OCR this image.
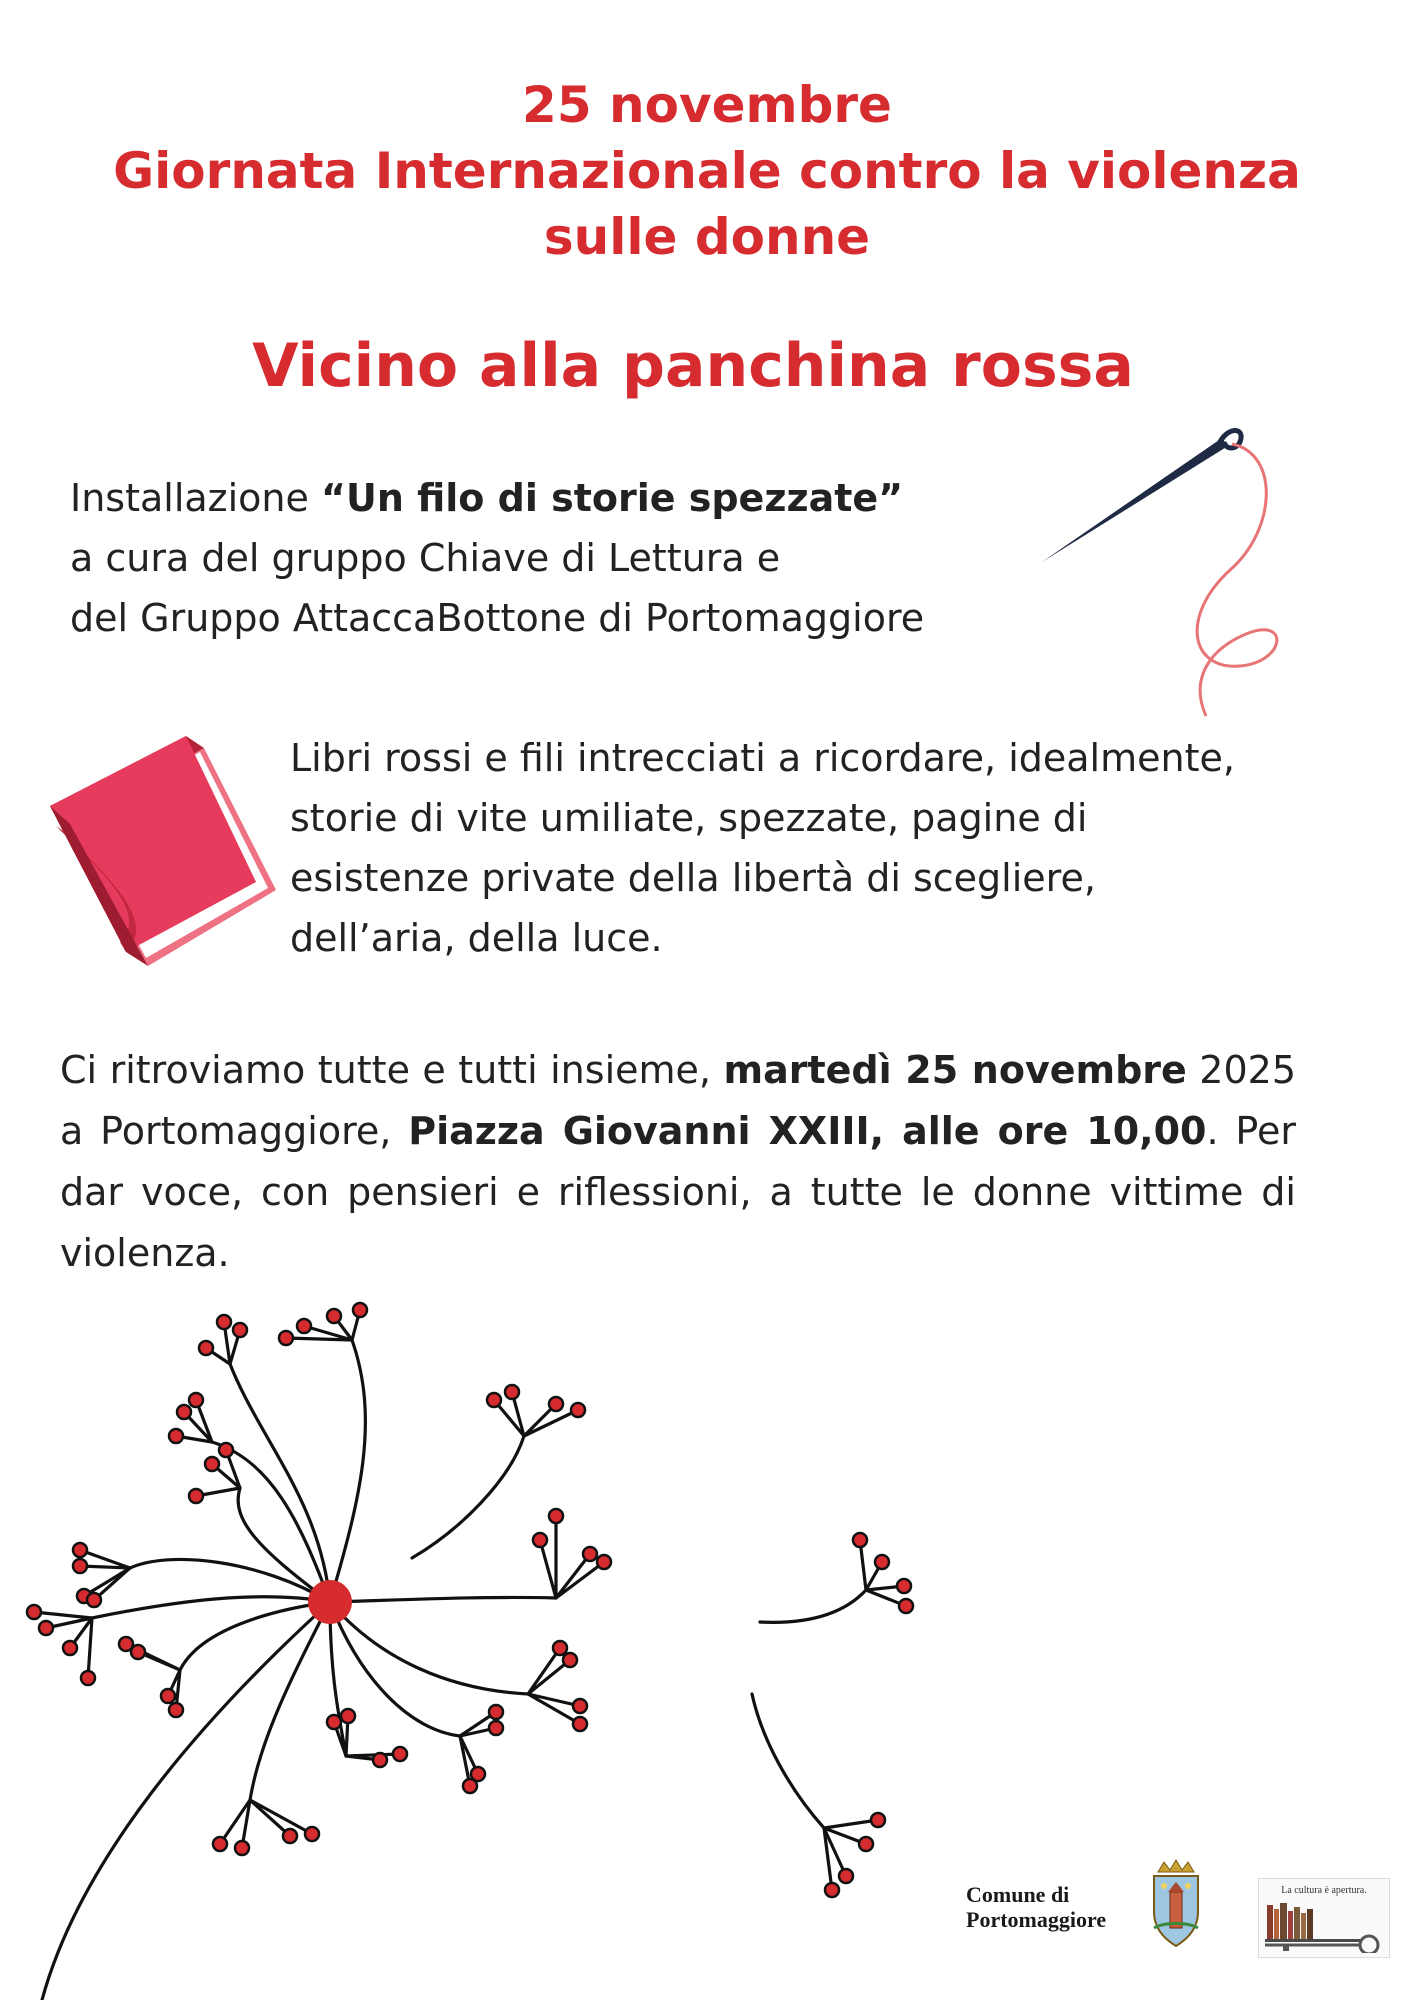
25 novembre
Giornata Internazionale contro la violenza
sulle donne
Vicino alla panchina rossa
Installazione “Un filo di storie spezzate”
a cura del gruppo Chiave di Lettura e
del Gruppo AttaccaBottone di Portomaggiore
Libri rossi e fili intrecciati a ricordare, idealmente,
storie di vite umiliate, spezzate, pagine di
esistenze private della libertà di scegliere,
dell’aria, della luce.
Ci ritroviamo tutte e tutti insieme, martedì 25 novembre 2025 a Portomaggiore, Piazza Giovanni XXIII, alle ore 10,00. Per dar voce, con pensieri e riflessioni, a tutte le donne vittime di violenza.
Comune di
Portomaggiore
La cultura è apertura.
